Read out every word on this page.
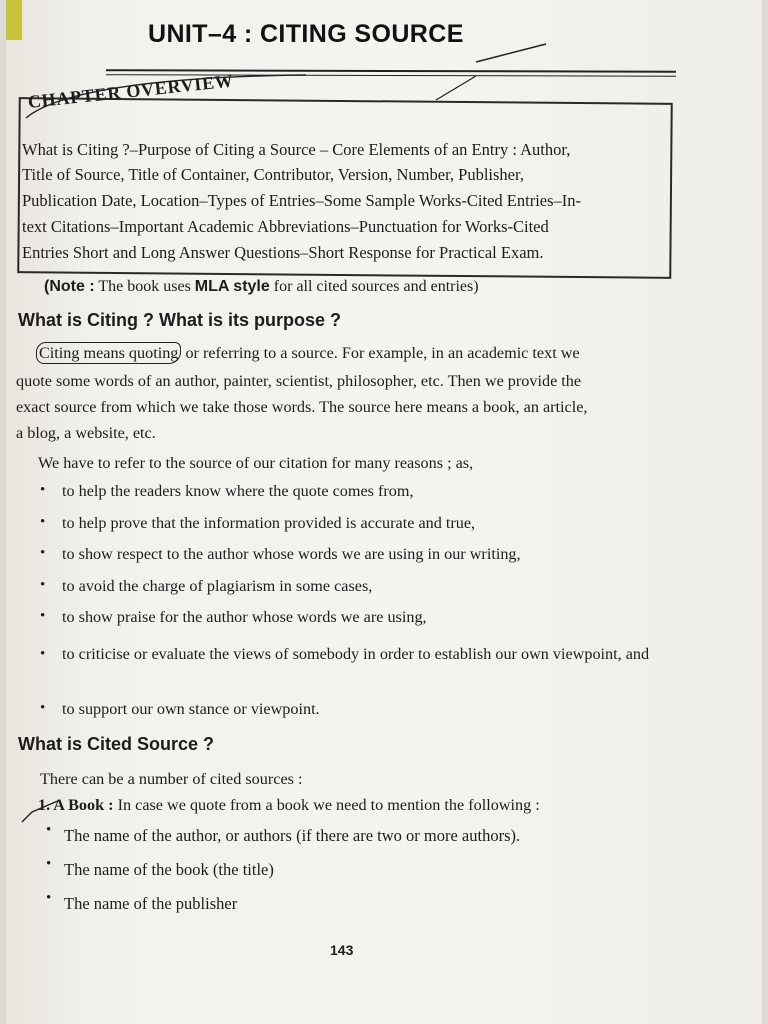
UNIT–4 : CITING SOURCE
CHAPTER OVERVIEW
What is Citing ?–Purpose of Citing a Source – Core Elements of an Entry : Author,
Title of Source, Title of Container, Contributor, Version, Number, Publisher,
Publication Date, Location–Types of Entries–Some Sample Works-Cited Entries–In-
text Citations–Important Academic Abbreviations–Punctuation for Works-Cited
Entries Short and Long Answer Questions–Short Response for Practical Exam.
(Note : The book uses MLA style for all cited sources and entries)
What is Citing ? What is its purpose ?
Citing means quoting or referring to a source. For example, in an academic text we
quote some words of an author, painter, scientist, philosopher, etc. Then we provide the
exact source from which we take those words. The source here means a book, an article,
a blog, a website, etc.
We have to refer to the source of our citation for many reasons ; as,
• to help the readers know where the quote comes from,
• to help prove that the information provided is accurate and true,
• to show respect to the author whose words we are using in our writing,
• to avoid the charge of plagiarism in some cases,
• to show praise for the author whose words we are using,
• to criticise or evaluate the views of somebody in order to establish our own viewpoint, and
• to support our own stance or viewpoint.
What is Cited Source ?
There can be a number of cited sources :
1. A Book : In case we quote from a book we need to mention the following :
• The name of the author, or authors (if there are two or more authors).
• The name of the book (the title)
• The name of the publisher
143
